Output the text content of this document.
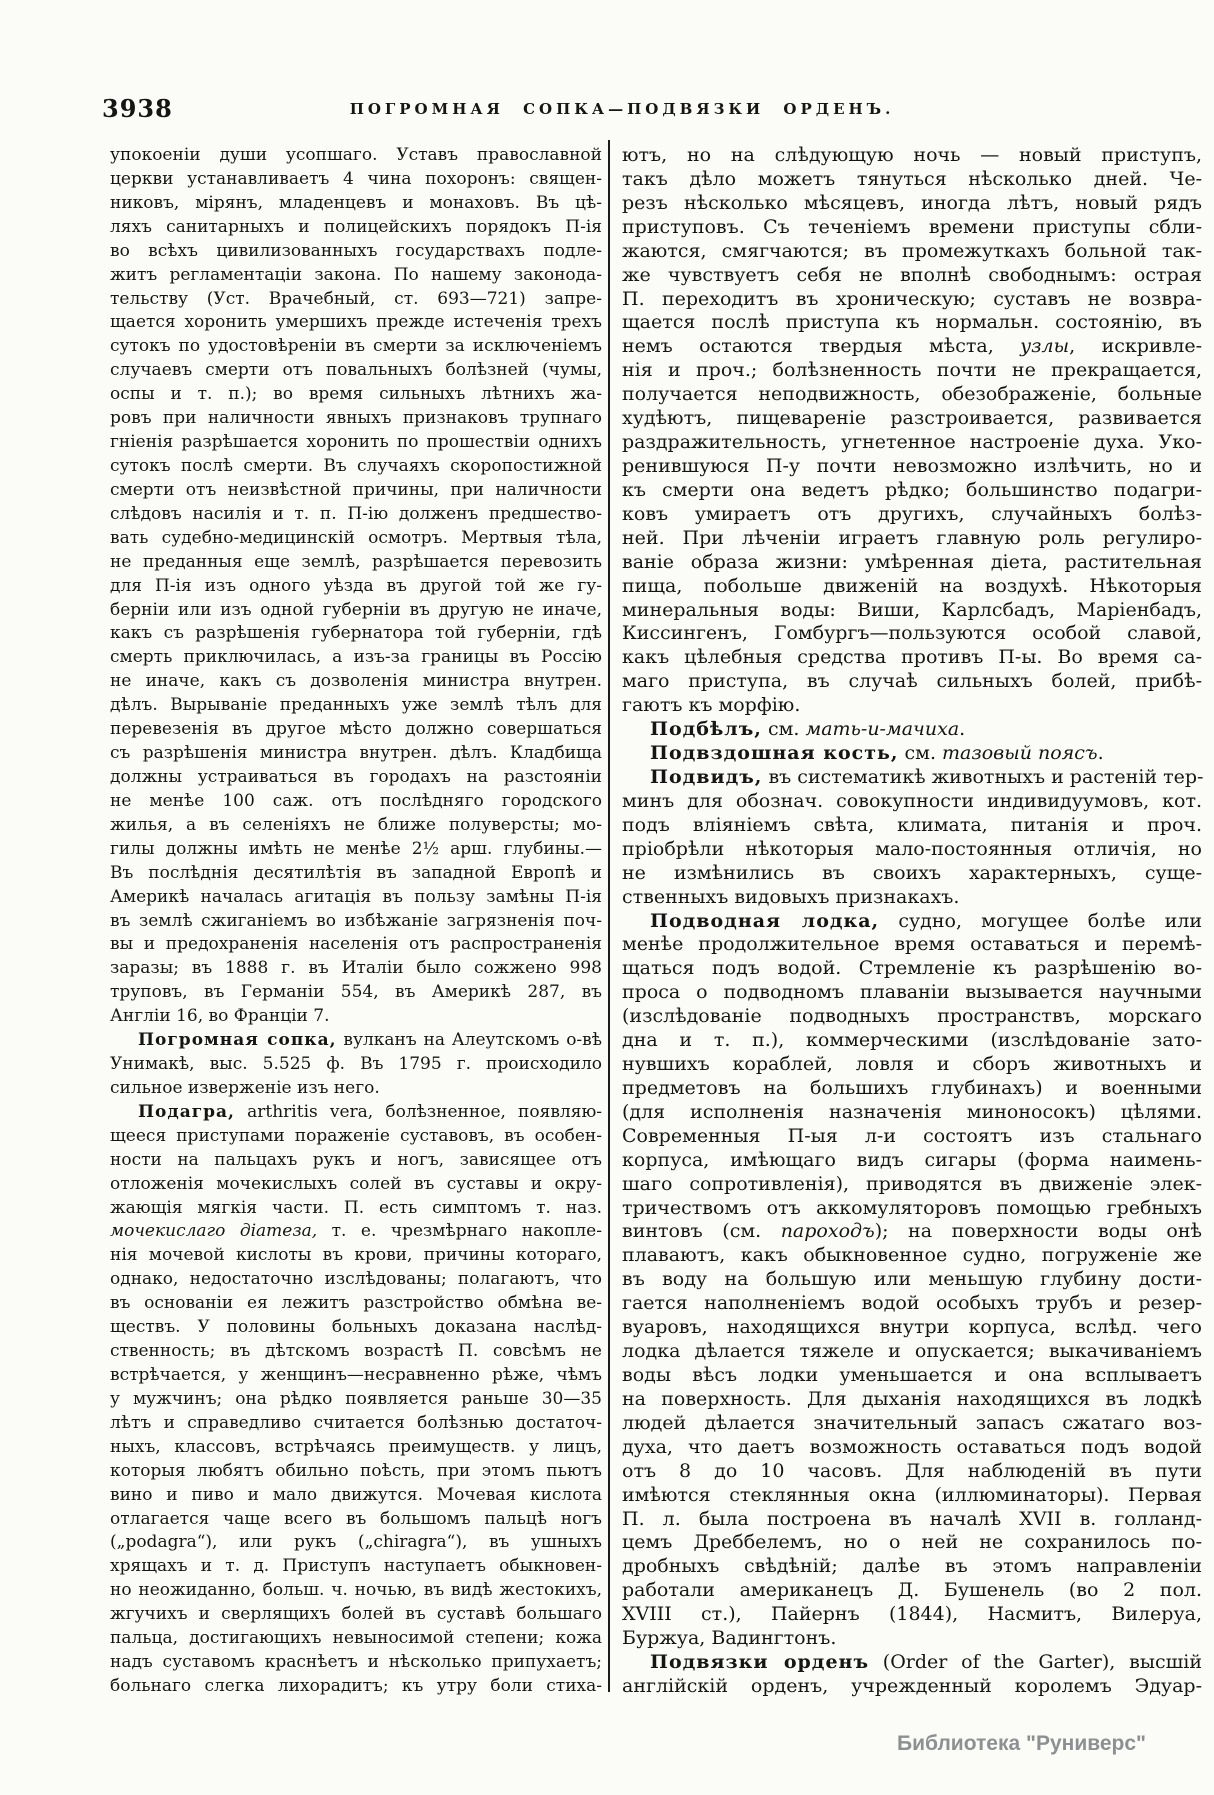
3938	ПОГРОМНАЯ СОПКА—ПОДВЯЗКИ ОРДЕНЪ.
упокоеніи души усопшаго. Уставъ православной
церкви устанавливаетъ 4 чина похоронъ: священ-
никовъ, мірянъ, младенцевъ и монаховъ. Въ цѣ-
ляхъ санитарныхъ и полицейскихъ порядокъ П-ія
во всѣхъ цивилизованныхъ государствахъ подле-
житъ регламентаціи закона. По нашему законода-
тельству (Уст. Врачебный, ст. 693—721) запре-
щается хоронить умершихъ прежде истеченія трехъ
сутокъ по удостовѣреніи въ смерти за исключеніемъ
случаевъ смерти отъ повальныхъ болѣзней (чумы,
оспы и т. п.); во время сильныхъ лѣтнихъ жа-
ровъ при наличности явныхъ признаковъ трупнаго
гніенія разрѣшается хоронить по прошествіи однихъ
сутокъ послѣ смерти. Въ случаяхъ скоропостижной
смерти отъ неизвѣстной причины, при наличности
слѣдовъ насилія и т. п. П-ію долженъ предшество-
вать судебно-медицинскій осмотръ. Мертвыя тѣла,
не преданныя еще землѣ, разрѣшается перевозить
для П-ія изъ одного уѣзда въ другой той же гу-
берніи или изъ одной губерніи въ другую не иначе,
какъ съ разрѣшенія губернатора той губерніи, гдѣ
смерть приключилась, а изъ-за границы въ Россію
не иначе, какъ съ дозволенія министра внутрен.
дѣлъ. Вырываніе преданныхъ уже землѣ тѣлъ для
перевезенія въ другое мѣсто должно совершаться
съ разрѣшенія министра внутрен. дѣлъ. Кладбища
должны устраиваться въ городахъ на разстояніи
не менѣе 100 саж. отъ послѣдняго городского
жилья, а въ селеніяхъ не ближе полуверсты; мо-
гилы должны имѣть не менѣе 2½ арш. глубины.—
Въ послѣднія десятилѣтія въ западной Европѣ и
Америкѣ началась агитація въ пользу замѣны П-ія
въ землѣ сжиганіемъ во избѣжаніе загрязненія поч-
вы и предохраненія населенія отъ распространенія
заразы; въ 1888 г. въ Италіи было сожжено 998
труповъ, въ Германіи 554, въ Америкѣ 287, въ
Англіи 16, во Франціи 7.
Погромная сопка, вулканъ на Алеутскомъ о-вѣ
Унимакѣ, выс. 5.525 ф. Въ 1795 г. происходило
сильное изверженіе изъ него.
Подагра, arthritis vera, болѣзненное, появляю-
щееся приступами пораженіе суставовъ, въ особен-
ности на пальцахъ рукъ и ногъ, зависящее отъ
отложенія мочекислыхъ солей въ суставы и окру-
жающія мягкія части. П. есть симптомъ т. наз.
мочекислаго діатеза, т. е. чрезмѣрнаго накопле-
нія мочевой кислоты въ крови, причины котораго,
однако, недостаточно изслѣдованы; полагаютъ, что
въ основаніи ея лежитъ разстройство обмѣна ве-
ществъ. У половины больныхъ доказана наслѣд-
ственность; въ дѣтскомъ возрастѣ П. совсѣмъ не
встрѣчается, у женщинъ—несравненно рѣже, чѣмъ
у мужчинъ; она рѣдко появляется раньше 30—35
лѣтъ и справедливо считается болѣзнью достаточ-
ныхъ, классовъ, встрѣчаясь преимуществ. у лицъ,
которыя любятъ обильно поѣсть, при этомъ пьютъ
вино и пиво и мало движутся. Мочевая кислота
отлагается чаще всего въ большомъ пальцѣ ногъ
(„podagra“), или рукъ („chiragra“), въ ушныхъ
хрящахъ и т. д. Приступъ наступаетъ обыкновен-
но неожиданно, больш. ч. ночью, въ видѣ жестокихъ,
жгучихъ и сверлящихъ болей въ суставѣ большаго
пальца, достигающихъ невыносимой степени; кожа
надъ суставомъ краснѣетъ и нѣсколько припухаетъ;
больнаго слегка лихорадитъ; къ утру боли стиха-
ютъ, но на слѣдующую ночь — новый приступъ,
такъ дѣло можетъ тянуться нѣсколько дней. Че-
резъ нѣсколько мѣсяцевъ, иногда лѣтъ, новый рядъ
приступовъ. Съ теченіемъ времени приступы сбли-
жаются, смягчаются; въ промежуткахъ больной так-
же чувствуетъ себя не вполнѣ свободнымъ: острая
П. переходитъ въ хроническую; суставъ не возвра-
щается послѣ приступа къ нормальн. состоянію, въ
немъ остаются твердыя мѣста, узлы, искривле-
нія и проч.; болѣзненность почти не прекращается,
получается неподвижность, обезображеніе, больные
худѣютъ, пищевареніе разстроивается, развивается
раздражительность, угнетенное настроеніе духа. Уко-
ренившуюся П-у почти невозможно излѣчить, но и
къ смерти она ведетъ рѣдко; большинство подагри-
ковъ умираетъ отъ другихъ, случайныхъ болѣз-
ней. При лѣченіи играетъ главную роль регулиро-
ваніе образа жизни: умѣренная діета, растительная
пища, побольше движеній на воздухѣ. Нѣкоторыя
минеральныя воды: Виши, Карлсбадъ, Маріенбадъ,
Киссингенъ, Гомбургъ—пользуются особой славой,
какъ цѣлебныя средства противъ П-ы. Во время са-
маго приступа, въ случаѣ сильныхъ болей, прибѣ-
гаютъ къ морфію.
Подбѣлъ, см. мать-и-мачиха.
Подвздошная кость, см. тазовый поясъ.
Подвидъ, въ систематикѣ животныхъ и растеній тер-
минъ для обознач. совокупности индивидуумовъ, кот.
подъ вліяніемъ свѣта, климата, питанія и проч.
пріобрѣли нѣкоторыя мало-постоянныя отличія, но
не измѣнились въ своихъ характерныхъ, суще-
ственныхъ видовыхъ признакахъ.
Подводная лодка, судно, могущее болѣе или
менѣе продолжительное время оставаться и перемѣ-
щаться подъ водой. Стремленіе къ разрѣшенію во-
проса о подводномъ плаваніи вызывается научными
(изслѣдованіе подводныхъ пространствъ, морскаго
дна и т. п.), коммерческими (изслѣдованіе зато-
нувшихъ кораблей, ловля и сборъ животныхъ и
предметовъ на большихъ глубинахъ) и военными
(для исполненія назначенія миноносокъ) цѣлями.
Современныя П-ыя л-и состоятъ изъ стальнаго
корпуса, имѣющаго видъ сигары (форма наимень-
шаго сопротивленія), приводятся въ движеніе элек-
тричествомъ отъ аккомуляторовъ помощью гребныхъ
винтовъ (см. пароходъ); на поверхности воды онѣ
плаваютъ, какъ обыкновенное судно, погруженіе же
въ воду на большую или меньшую глубину дости-
гается наполненіемъ водой особыхъ трубъ и резер-
вуаровъ, находящихся внутри корпуса, вслѣд. чего
лодка дѣлается тяжеле и опускается; выкачиваніемъ
воды вѣсъ лодки уменьшается и она всплываетъ
на поверхность. Для дыханія находящихся въ лодкѣ
людей дѣлается значительный запасъ сжатаго воз-
духа, что даетъ возможность оставаться подъ водой
отъ 8 до 10 часовъ. Для наблюденій въ пути
имѣются стеклянныя окна (иллюминаторы). Первая
П. л. была построена въ началѣ XVII в. голланд-
цемъ Дреббелемъ, но о ней не сохранилось по-
дробныхъ свѣдѣній; далѣе въ этомъ направленіи
работали американецъ Д. Бушенель (во 2 пол.
XVIII ст.), Пайернъ (1844), Насмитъ, Вилеруа,
Буржуа, Вадингтонъ.
Подвязки орденъ (Order of the Garter), высшій
англійскій орденъ, учрежденный королемъ Эдуар-
Библиотека "Руниверс"
